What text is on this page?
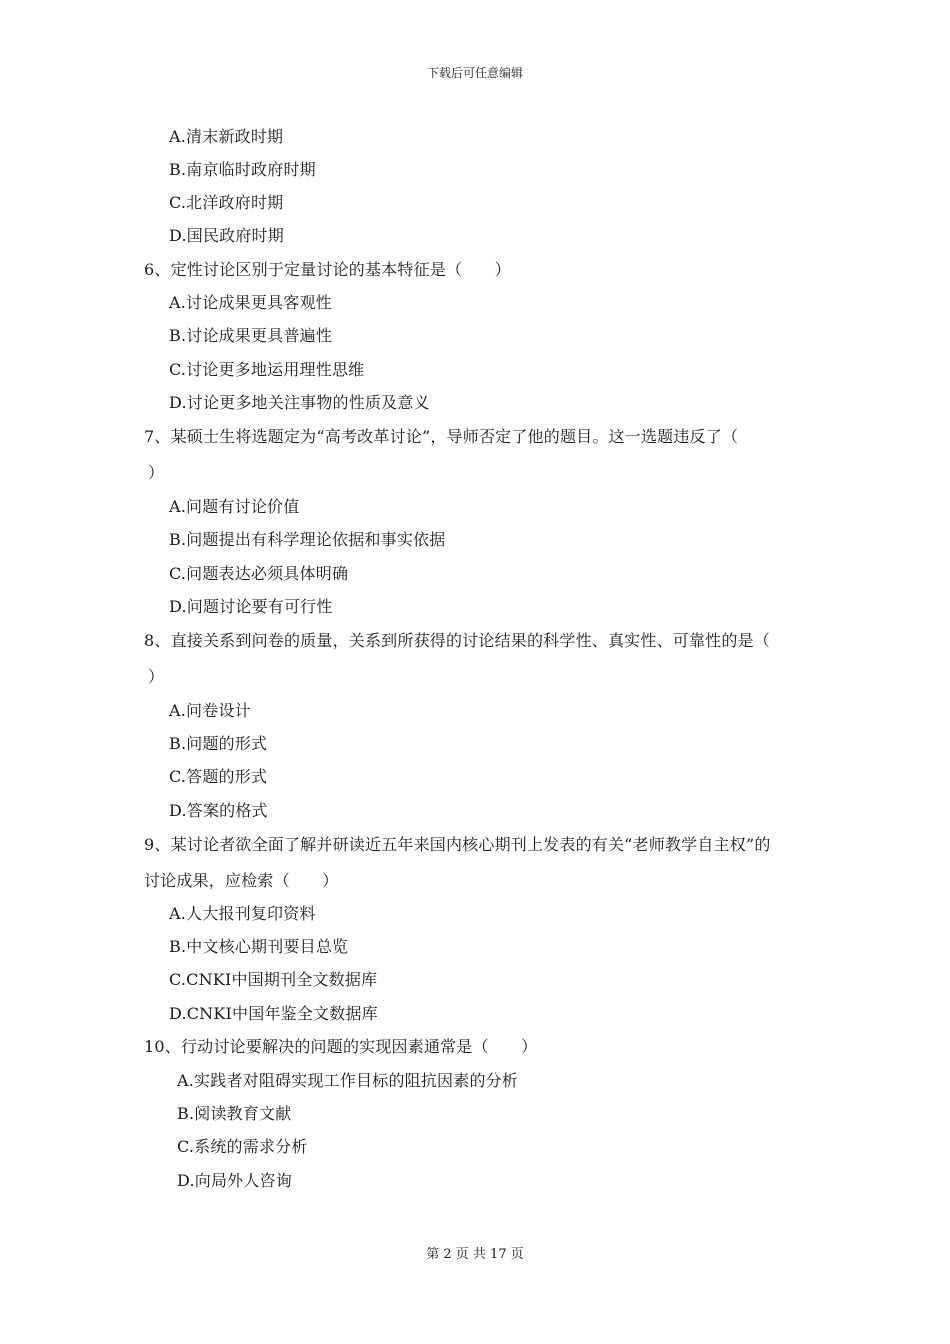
下载后可任意编辑
A.清末新政时期
B.南京临时政府时期
C.北洋政府时期
D.国民政府时期
6、定性讨论区别于定量讨论的基本特征是（　　）
A.讨论成果更具客观性
B.讨论成果更具普遍性
C.讨论更多地运用理性思维
D.讨论更多地关注事物的性质及意义
7、某硕士生将选题定为“高考改革讨论”，导师否定了他的题目。这一选题违反了（
）
A.问题有讨论价值
B.问题提出有科学理论依据和事实依据
C.问题表达必须具体明确
D.问题讨论要有可行性
8、直接关系到问卷的质量，关系到所获得的讨论结果的科学性、真实性、可靠性的是（
）
A.问卷设计
B.问题的形式
C.答题的形式
D.答案的格式
9、某讨论者欲全面了解并研读近五年来国内核心期刊上发表的有关“老师教学自主权”的
讨论成果，应检索（　　）
A.人大报刊复印资料
B.中文核心期刊要目总览
C.CNKI中国期刊全文数据库
D.CNKI中国年鉴全文数据库
10、行动讨论要解决的问题的实现因素通常是（　　）
A.实践者对阻碍实现工作目标的阻抗因素的分析
B.阅读教育文献
C.系统的需求分析
D.向局外人咨询
第 2 页 共 17 页
